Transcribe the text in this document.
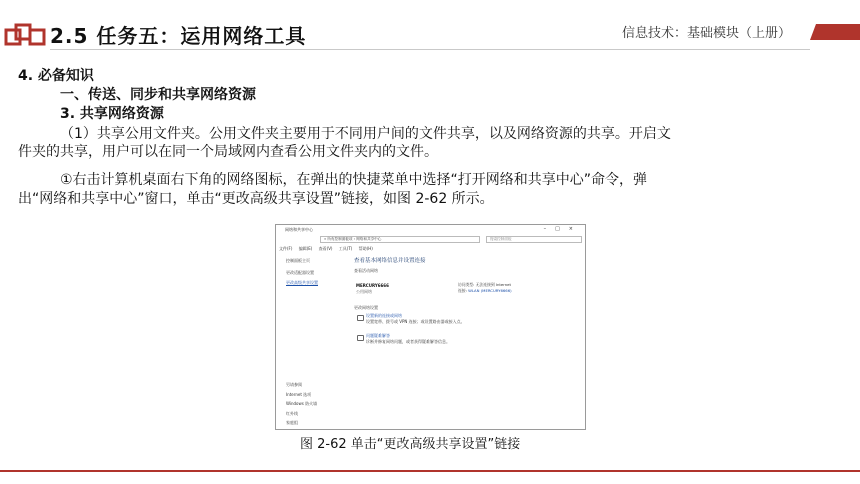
2.5 任务五：运用网络工具	信息技术：基础模块（上册）
4. 必备知识
一、传送、同步和共享网络资源
3. 共享网络资源
（1）共享公用文件夹。公用文件夹主要用于不同用户间的文件共享，以及网络资源的共享。开启文
件夹的共享，用户可以在同一个局域网内查看公用文件夹内的文件。
①右击计算机桌面右下角的网络图标，在弹出的快捷菜单中选择“打开网络和共享中心”命令，弹
出“网络和共享中心”窗口，单击“更改高级共享设置”链接，如图 2-62 所示。
网络和共享中心	–□×
« 所有控制面板项 › 网络和共享中心	搜索控制面板
文件(F) 编辑(E) 查看(V) 工具(T) 帮助(H)
控制面板主页
更改适配器设置
更改高级共享设置
另请参阅
Internet 选项
Windows 防火墙
红外线
家庭组
查看基本网络信息并设置连接
查看活动网络
MERCURY6666
公用网络
访问类型: 无法连接到 Internet
连接: WLAN (MERCURY6666)
更改网络设置
设置新的连接或网络
设置宽带、拨号或 VPN 连接；或设置路由器或接入点。
问题疑难解答
诊断并修复网络问题，或者获得疑难解答信息。
图 2-62 单击“更改高级共享设置”链接
